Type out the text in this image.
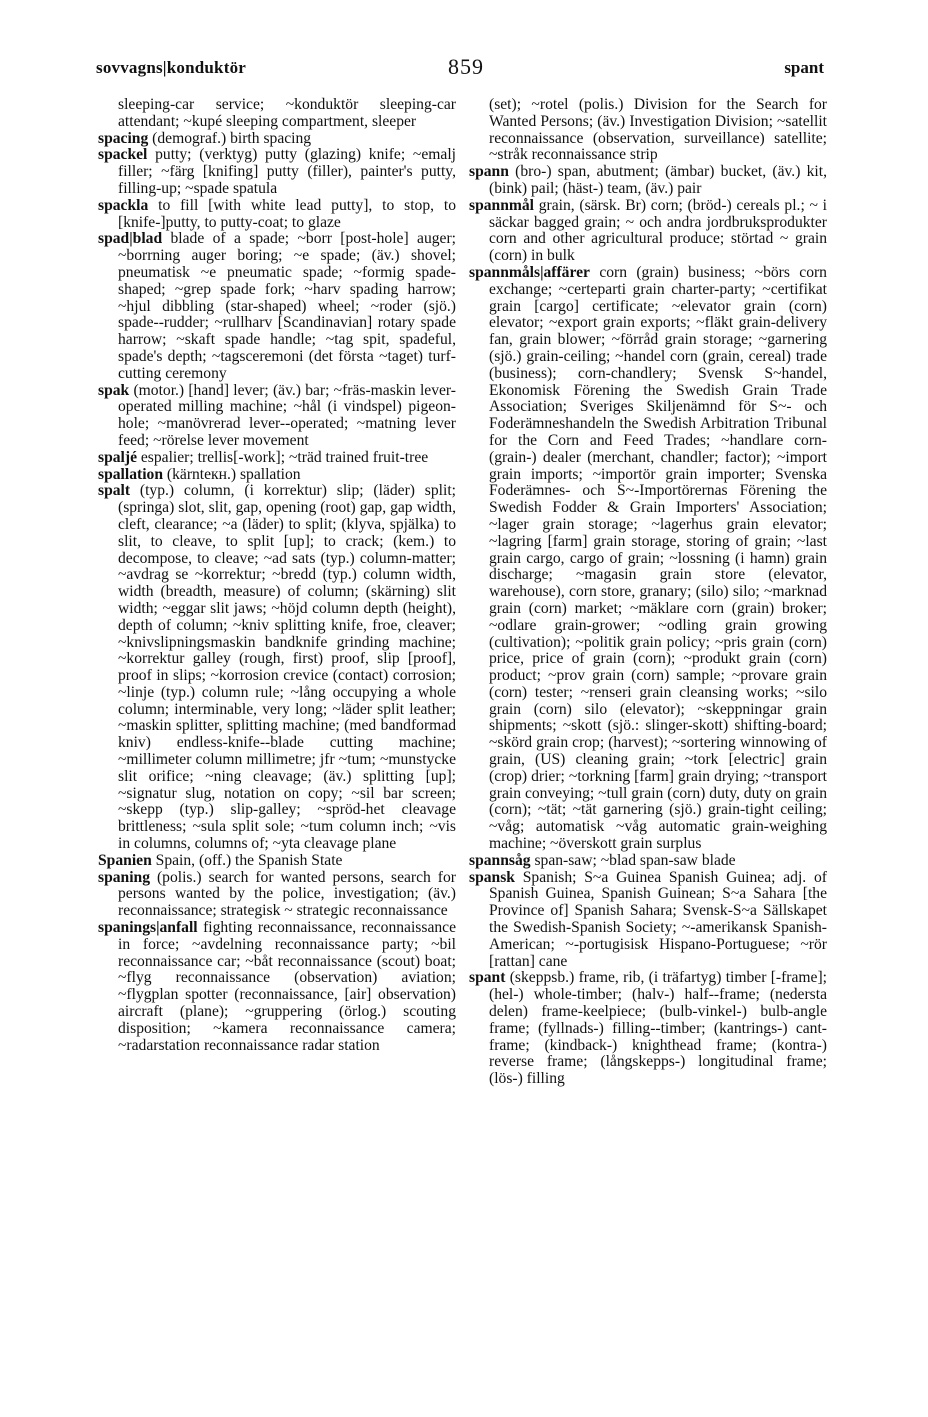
sovvagns|konduktör	859	spant

sleeping-car service; ~konduktör sleeping-car attendant; ~kupé sleeping compartment, sleeper

spacing (demograf.) birth spacing

spackel putty; (verktyg) putty (glazing) knife; ~emalj filler; ~färg [knifing] putty (filler), painter's putty, filling-up; ~spade spatula

spackla to fill [with white lead putty], to stop, to [knife-]putty, to putty-coat; to glaze

spad|blad blade of a spade; ~borr [post-hole] auger; ~borrning auger boring; ~e spade; (äv.) shovel; pneumatisk ~e pneumatic spade; ~formig spade-shaped; ~grep spade fork; ~harv spading harrow; ~hjul dibbling (star-shaped) wheel; ~roder (sjö.) spade--rudder; ~rullharv [Scandinavian] rotary spade harrow; ~skaft spade handle; ~tag spit, spadeful, spade's depth; ~tagsceremoni (det första ~taget) turf-cutting ceremony

spak (motor.) [hand] lever; (äv.) bar; ~fräs-maskin lever-operated milling machine; ~hål (i vindspel) pigeon-hole; ~manövrerad lever--operated; ~matning lever feed; ~rörelse lever movement

spaljé espalier; trellis[-work]; ~träd trained fruit-tree

spallation (kärnteкн.) spallation

spalt (typ.) column, (i korrektur) slip; (läder) split; (springa) slot, slit, gap, opening (root) gap, gap width, cleft, clearance; ~a (läder) to split; (klyva, spjälka) to slit, to cleave, to split [up]; to crack; (kem.) to decompose, to cleave; ~ad sats (typ.) column-matter; ~avdrag se ~korrektur; ~bredd (typ.) column width, width (breadth, measure) of column; (skärning) slit width; ~eggar slit jaws; ~höjd column depth (height), depth of column; ~kniv splitting knife, froe, cleaver; ~knivslipningsmaskin bandknife grinding machine; ~korrektur galley (rough, first) proof, slip [proof], proof in slips; ~korrosion crevice (contact) corrosion; ~linje (typ.) column rule; ~lång occupying a whole column; interminable, very long; ~läder split leather; ~maskin splitter, splitting machine; (med bandformad kniv) endless-knife--blade cutting machine; ~millimeter column millimetre; jfr ~tum; ~munstycke slit orifice; ~ning cleavage; (äv.) splitting [up]; ~signatur slug, notation on copy; ~sil bar screen; ~skepp (typ.) slip-galley; ~spröd-het cleavage brittleness; ~sula split sole; ~tum column inch; ~vis in columns, columns of; ~yta cleavage plane

Spanien Spain, (off.) the Spanish State

spaning (polis.) search for wanted persons, search for persons wanted by the police, investigation; (äv.) reconnaissance; strategisk ~ strategic reconnaissance

spanings|anfall fighting reconnaissance, reconnaissance in force; ~avdelning reconnaissance party; ~bil reconnaissance car; ~båt reconnaissance (scout) boat; ~flyg reconnaissance (observation) aviation; ~flygplan spotter (reconnaissance, [air] observation) aircraft (plane); ~gruppering (örlog.) scouting disposition; ~kamera reconnaissance camera; ~radarstation reconnaissance radar station

(set); ~rotel (polis.) Division for the Search for Wanted Persons; (äv.) Investigation Division; ~satellit reconnaissance (observation, surveillance) satellite; ~stråk reconnaissance strip

spann (bro-) span, abutment; (ämbar) bucket, (äv.) kit, (bink) pail; (häst-) team, (äv.) pair

spannmål grain, (särsk. Br) corn; (bröd-) cereals pl.; ~ i säckar bagged grain; ~ och andra jordbruksprodukter corn and other agricultural produce; störtad ~ grain (corn) in bulk

spannmåls|affärer corn (grain) business; ~börs corn exchange; ~certeparti grain charter-party; ~certifikat grain [cargo] certificate; ~elevator grain (corn) elevator; ~export grain exports; ~fläkt grain-delivery fan, grain blower; ~förråd grain storage; ~garnering (sjö.) grain-ceiling; ~handel corn (grain, cereal) trade (business); corn-chandlery; Svensk S~handel, Ekonomisk Förening the Swedish Grain Trade Association; Sveriges Skiljenämnd för S~- och Foderämneshandeln the Swedish Arbitration Tribunal for the Corn and Feed Trades; ~handlare corn- (grain-) dealer (merchant, chandler; factor); ~import grain imports; ~importör grain importer; Svenska Foderämnes- och S~-Importörernas Förening the Swedish Fodder & Grain Importers' Association; ~lager grain storage; ~lagerhus grain elevator; ~lagring [farm] grain storage, storing of grain; ~last grain cargo, cargo of grain; ~lossning (i hamn) grain discharge; ~magasin grain store (elevator, warehouse), corn store, granary; (silo) silo; ~marknad grain (corn) market; ~mäklare corn (grain) broker; ~odlare grain-grower; ~odling grain growing (cultivation); ~politik grain policy; ~pris grain (corn) price, price of grain (corn); ~produkt grain (corn) product; ~prov grain (corn) sample; ~provare grain (corn) tester; ~renseri grain cleansing works; ~silo grain (corn) silo (elevator); ~skeppningar grain shipments; ~skott (sjö.: slinger-skott) shifting-board; ~skörd grain crop; (harvest); ~sortering winnowing of grain, (US) cleaning grain; ~tork [electric] grain (crop) drier; ~torkning [farm] grain drying; ~transport grain conveying; ~tull grain (corn) duty, duty on grain (corn); ~tät; ~tät garnering (sjö.) grain-tight ceiling; ~våg; automatisk ~våg automatic grain-weighing machine; ~överskott grain surplus

spannsåg span-saw; ~blad span-saw blade

spansk Spanish; S~a Guinea Spanish Guinea; adj. of Spanish Guinea, Spanish Guinean; S~a Sahara [the Province of] Spanish Sahara; Svensk-S~a Sällskapet the Swedish-Spanish Society; ~-amerikansk Spanish-American; ~-portugisisk Hispano-Portuguese; ~rör [rattan] cane

spant (skeppsb.) frame, rib, (i träfartyg) timber [-frame]; (hel-) whole-timber; (halv-) half--frame; (nedersta delen) frame-keelpiece; (bulb-vinkel-) bulb-angle frame; (fyllnads-) filling--timber; (kantrings-) cant-frame; (kindback-) knighthead frame; (kontra-) reverse frame; (långskepps-) longitudinal frame; (lös-) filling
